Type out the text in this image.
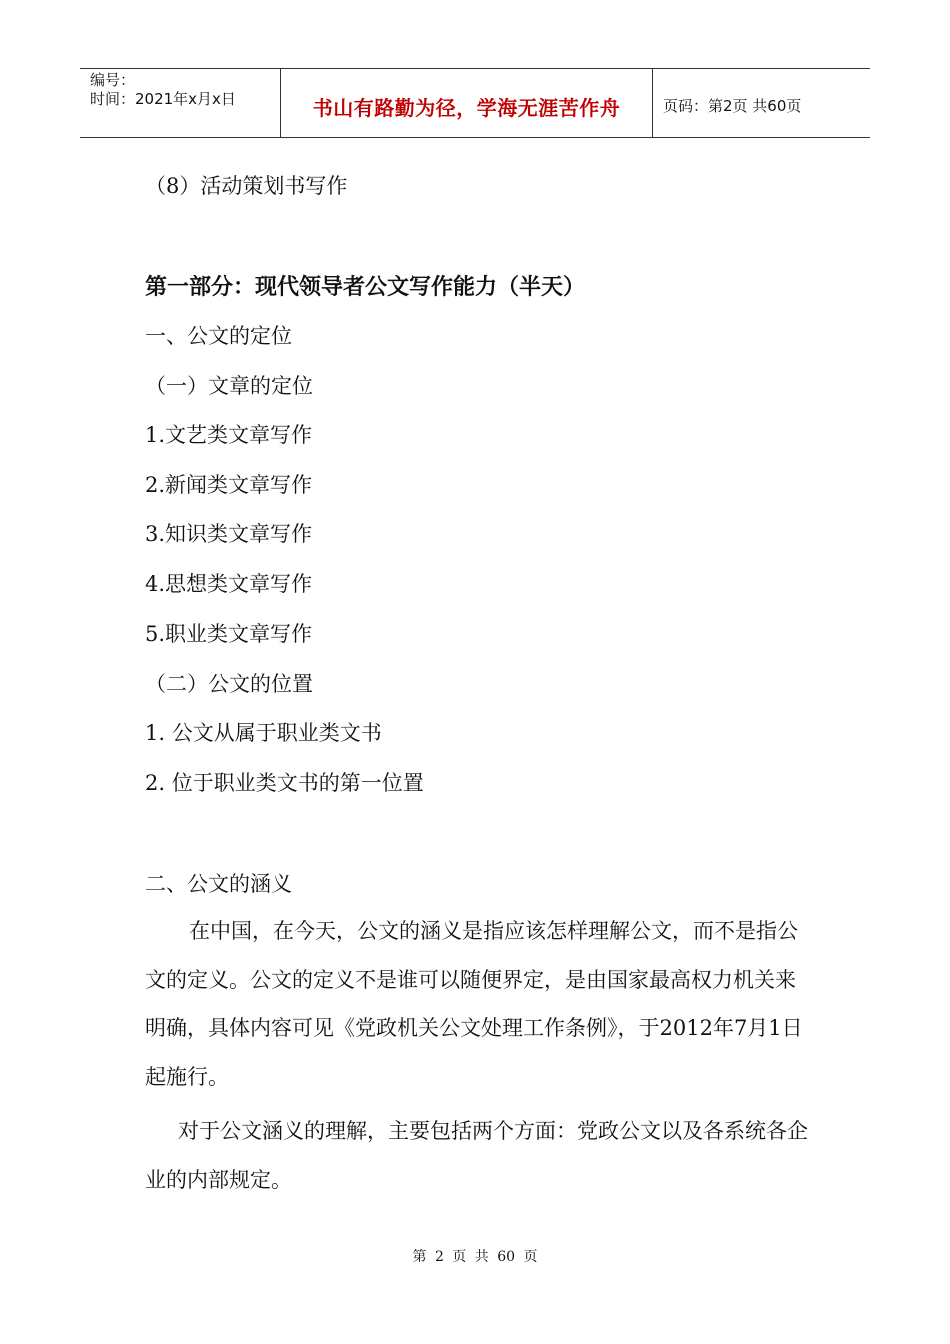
编号：
时间：2021年x月x日	书山有路勤为径，学海无涯苦作舟	页码：第2页 共60页
（8）活动策划书写作
第一部分：现代领导者公文写作能力（半天）
一、公文的定位
（一）文章的定位
1.文艺类文章写作
2.新闻类文章写作
3.知识类文章写作
4.思想类文章写作
5.职业类文章写作
（二）公文的位置
1. 公文从属于职业类文书
2. 位于职业类文书的第一位置
二、公文的涵义
在中国，在今天，公文的涵义是指应该怎样理解公文，而不是指公文的定义。公文的定义不是谁可以随便界定，是由国家最高权力机关来明确，具体内容可见《党政机关公文处理工作条例》，于2012年7月1日起施行。
对于公文涵义的理解，主要包括两个方面：党政公文以及各系统各企业的内部规定。
第 2 页 共 60 页
